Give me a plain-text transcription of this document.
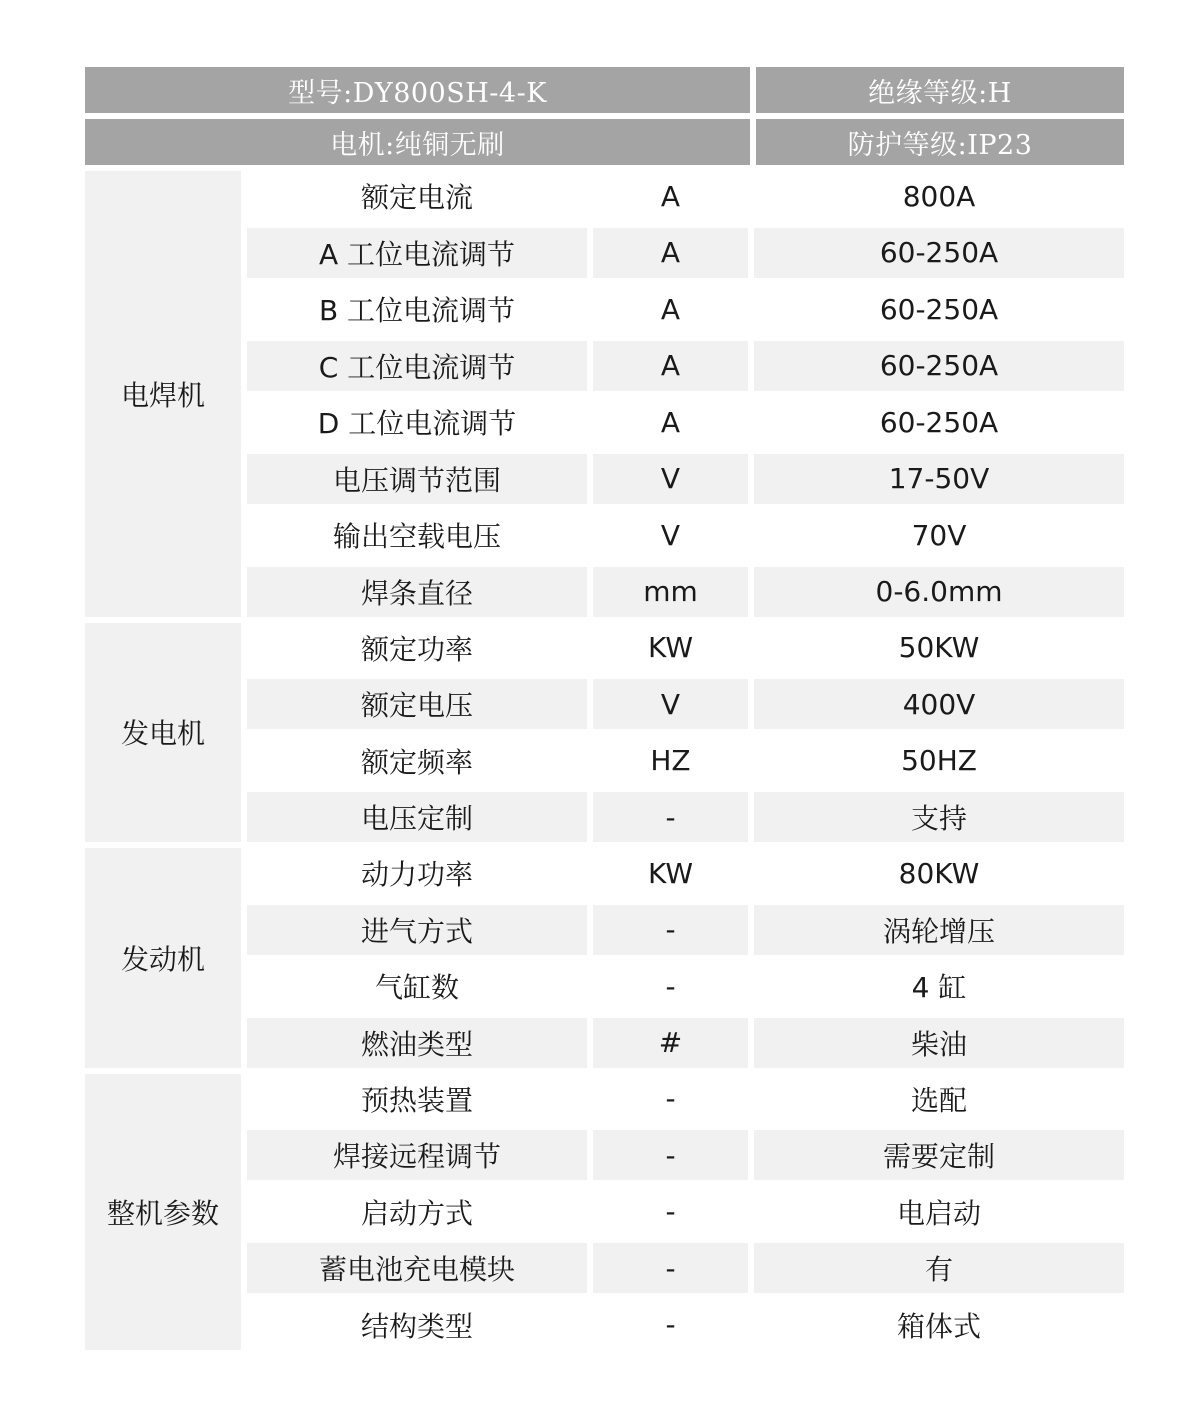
型号:DY800SH-4-K	绝缘等级:H
电机:纯铜无刷	防护等级:IP23
电焊机
额定电流	A	800A
A 工位电流调节	A	60-250A
B 工位电流调节	A	60-250A
C 工位电流调节	A	60-250A
D 工位电流调节	A	60-250A
电压调节范围	V	17-50V
输出空载电压	V	70V
焊条直径	mm	0-6.0mm
发电机
额定功率	KW	50KW
额定电压	V	400V
额定频率	HZ	50HZ
电压定制	-	支持
发动机
动力功率	KW	80KW
进气方式	-	涡轮增压
气缸数	-	4 缸
燃油类型	#	柴油
整机参数
预热装置	-	选配
焊接远程调节	-	需要定制
启动方式	-	电启动
蓄电池充电模块	-	有
结构类型	-	箱体式
